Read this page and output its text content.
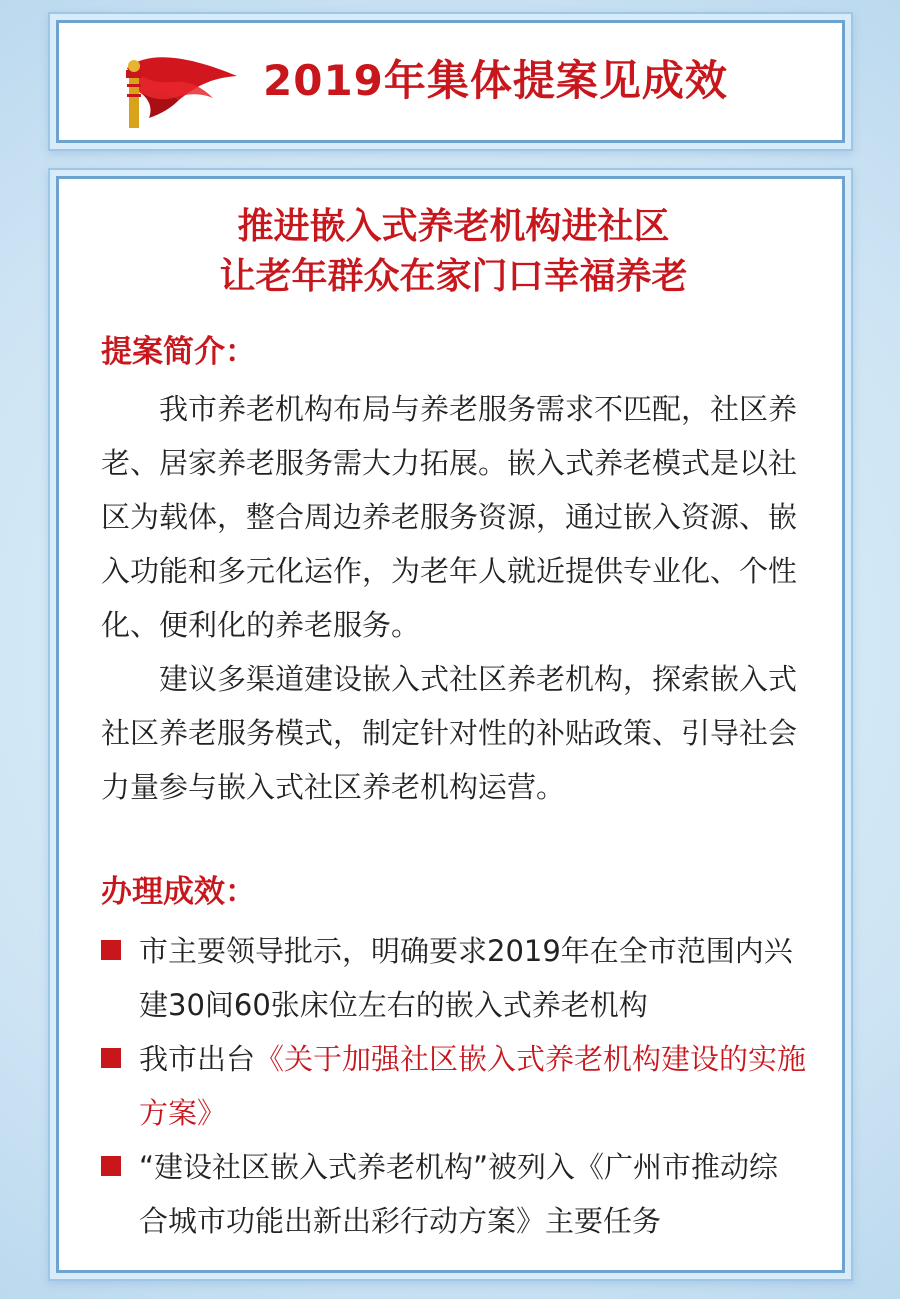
2019年集体提案见成效
推进嵌入式养老机构进社区
让老年群众在家门口幸福养老
提案简介：

我市养老机构布局与养老服务需求不匹配，社区养老、居家养老服务需大力拓展。嵌入式养老模式是以社区为载体，整合周边养老服务资源，通过嵌入资源、嵌入功能和多元化运作，为老年人就近提供专业化、个性化、便利化的养老服务。

建议多渠道建设嵌入式社区养老机构，探索嵌入式社区养老服务模式，制定针对性的补贴政策、引导社会力量参与嵌入式社区养老机构运营。

办理成效：
市主要领导批示，明确要求2019年在全市范围内兴建30间60张床位左右的嵌入式养老机构
我市出台《关于加强社区嵌入式养老机构建设的实施方案》
“建设社区嵌入式养老机构”被列入《广州市推动综合城市功能出新出彩行动方案》主要任务
